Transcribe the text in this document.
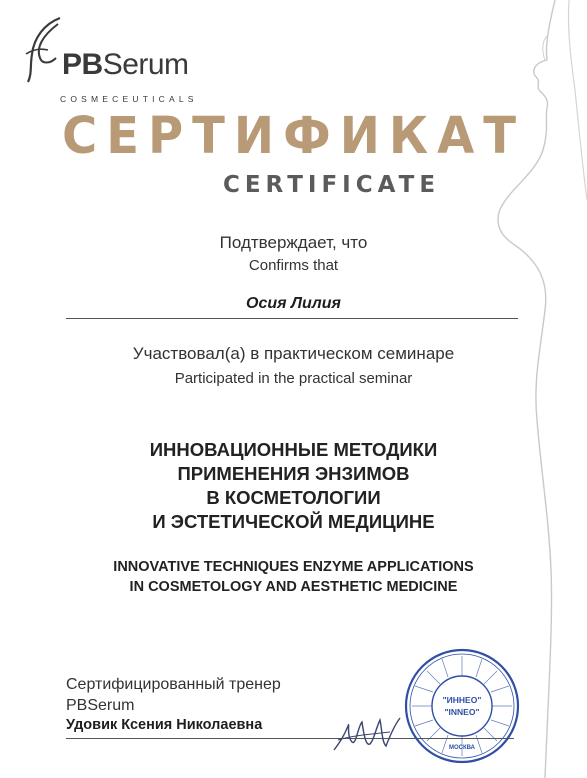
PBSerum
COSMECEUTICALS
СЕРТИФИКАТ
CERTIFICATE
Подтверждает, что
Confirms that
Осия Лилия
Участвовал(а) в практическом семинаре
Participated in the practical seminar
ИННОВАЦИОННЫЕ МЕТОДИКИ
ПРИМЕНЕНИЯ ЭНЗИМОВ
В КОСМЕТОЛОГИИ
И ЭСТЕТИЧЕСКОЙ МЕДИЦИНЕ
INNOVATIVE TECHNIQUES ENZYME APPLICATIONS
IN COSMETOLOGY AND AESTHETIC MEDICINE
Сертифицированный тренер
PBSerum
Удовик Ксения Николаевна
"ИННЕО"
"INNEO"
МОСКВА
